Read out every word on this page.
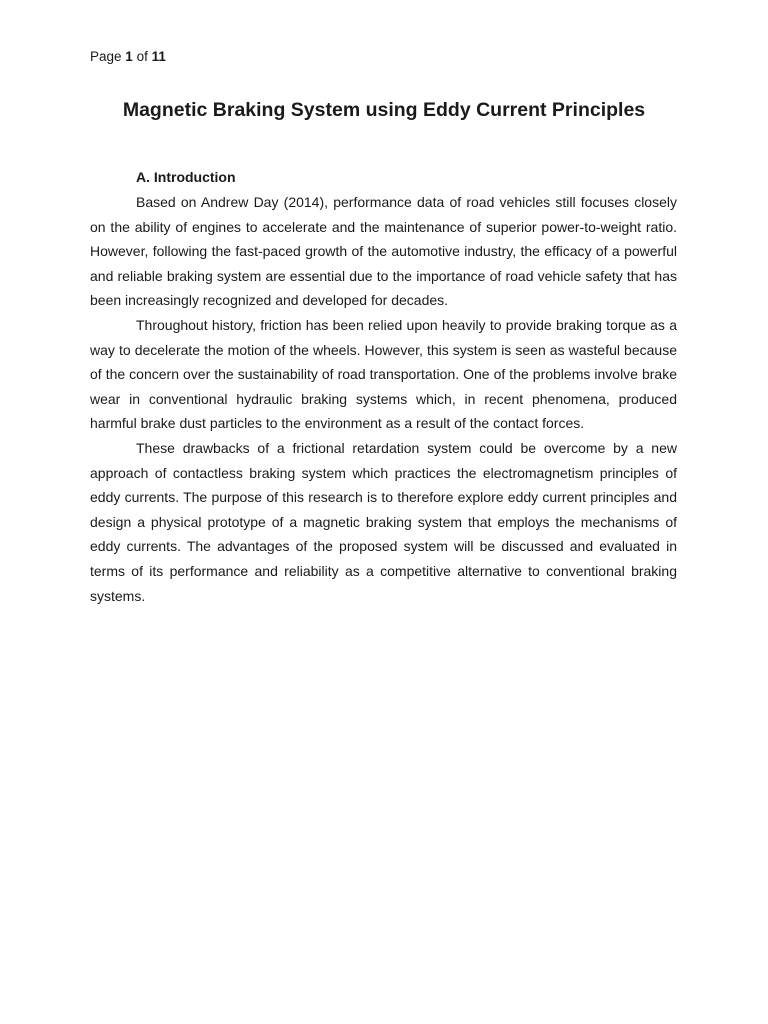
Page 1 of 11
Magnetic Braking System using Eddy Current Principles
A. Introduction

Based on Andrew Day (2014), performance data of road vehicles still focuses closely on the ability of engines to accelerate and the maintenance of superior power-to-weight ratio. However, following the fast-paced growth of the automotive industry, the efficacy of a powerful and reliable braking system are essential due to the importance of road vehicle safety that has been increasingly recognized and developed for decades.

Throughout history, friction has been relied upon heavily to provide braking torque as a way to decelerate the motion of the wheels. However, this system is seen as wasteful because of the concern over the sustainability of road transportation. One of the problems involve brake wear in conventional hydraulic braking systems which, in recent phenomena, produced harmful brake dust particles to the environment as a result of the contact forces.

These drawbacks of a frictional retardation system could be overcome by a new approach of contactless braking system which practices the electromagnetism principles of eddy currents. The purpose of this research is to therefore explore eddy current principles and design a physical prototype of a magnetic braking system that employs the mechanisms of eddy currents. The advantages of the proposed system will be discussed and evaluated in terms of its performance and reliability as a competitive alternative to conventional braking systems.
